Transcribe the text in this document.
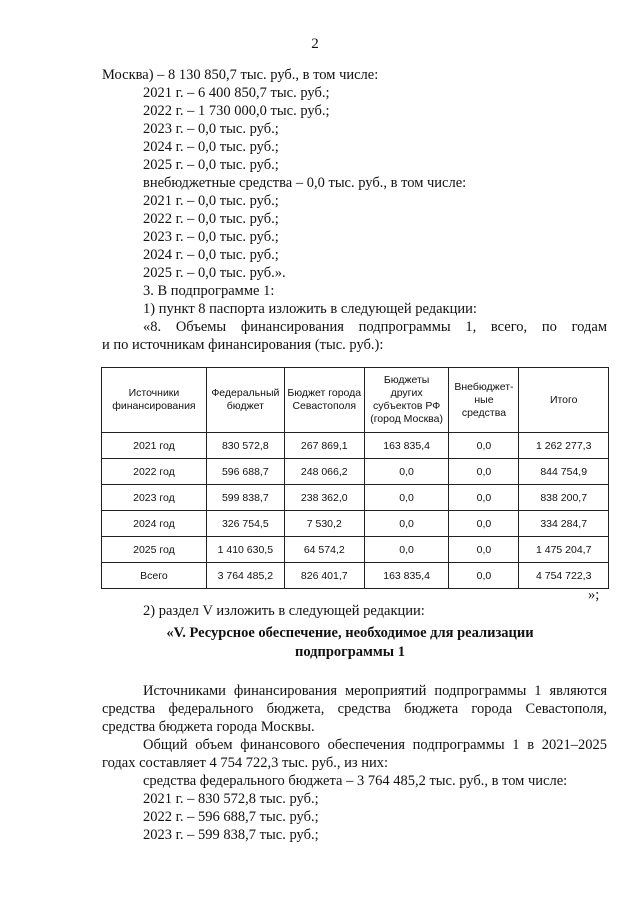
2
Москва) – 8 130 850,7 тыс. руб., в том числе:
2021 г. – 6 400 850,7 тыс. руб.;
2022 г. – 1 730 000,0 тыс. руб.;
2023 г. – 0,0 тыс. руб.;
2024 г. – 0,0 тыс. руб.;
2025 г. – 0,0 тыс. руб.;
внебюджетные средства – 0,0 тыс. руб., в том числе:
2021 г. – 0,0 тыс. руб.;
2022 г. – 0,0 тыс. руб.;
2023 г. – 0,0 тыс. руб.;
2024 г. – 0,0 тыс. руб.;
2025 г. – 0,0 тыс. руб.».
3. В подпрограмме 1:
1) пункт 8 паспорта изложить в следующей редакции:
«8. Объемы финансирования подпрограммы 1, всего, по годам
и по источникам финансирования (тыс. руб.):
Источники финансирования	Федеральный бюджет	Бюджет города Севастополя	Бюджеты других субъектов РФ (город Москва)	Внебюджет-ные средства	Итого
2021 год	830 572,8	267 869,1	163 835,4	0,0	1 262 277,3
2022 год	596 688,7	248 066,2	0,0	0,0	844 754,9
2023 год	599 838,7	238 362,0	0,0	0,0	838 200,7
2024 год	326 754,5	7 530,2	0,0	0,0	334 284,7
2025 год	1 410 630,5	64 574,2	0,0	0,0	1 475 204,7
Всего	3 764 485,2	826 401,7	163 835,4	0,0	4 754 722,3
»;
2) раздел V изложить в следующей редакции:
«V. Ресурсное обеспечение, необходимое для реализации подпрограммы 1
Источниками финансирования мероприятий подпрограммы 1 являются
средства федерального бюджета, средства бюджета города Севастополя,
средства бюджета города Москвы.
Общий объем финансового обеспечения подпрограммы 1 в 2021–2025
годах составляет 4 754 722,3 тыс. руб., из них:
средства федерального бюджета – 3 764 485,2 тыс. руб., в том числе:
2021 г. – 830 572,8 тыс. руб.;
2022 г. – 596 688,7 тыс. руб.;
2023 г. – 599 838,7 тыс. руб.;
